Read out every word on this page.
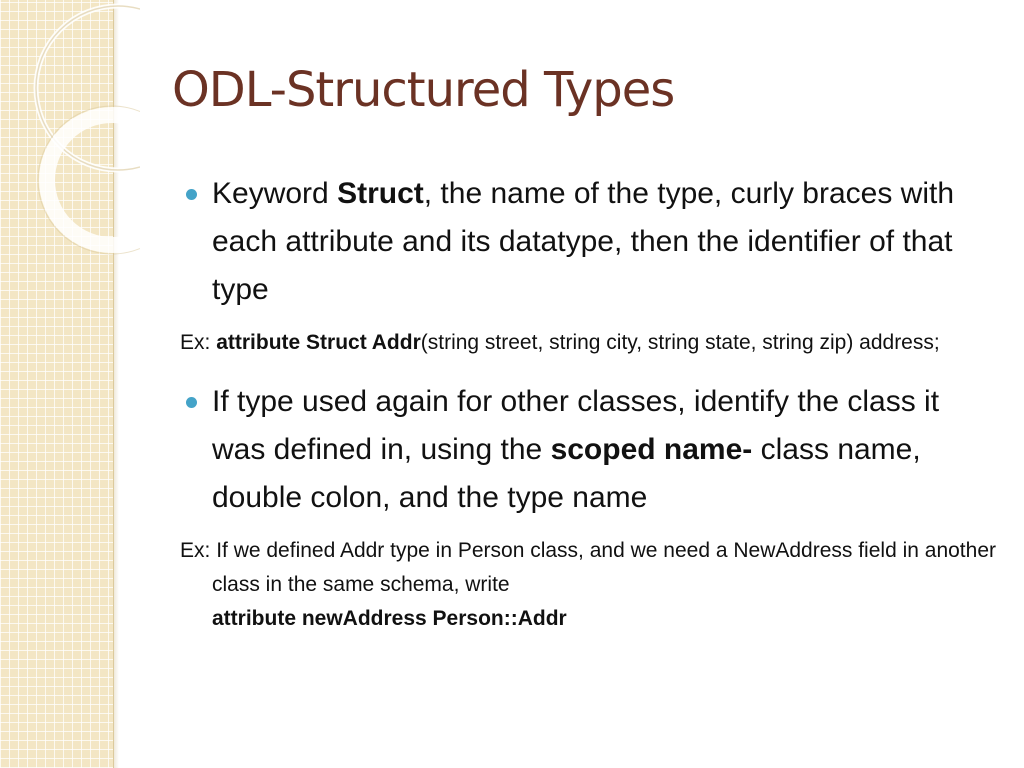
ODL-Structured Types
Keyword Struct, the name of the type, curly braces with each attribute and its datatype, then the identifier of that type
Ex: attribute Struct Addr(string street, string city, string state, string zip) address;
If type used again for other classes, identify the class it was defined in, using the scoped name- class name, double colon, and the type name
Ex: If we defined Addr type in Person class, and we need a NewAddress field in another class in the same schema, write
attribute newAddress Person::Addr
